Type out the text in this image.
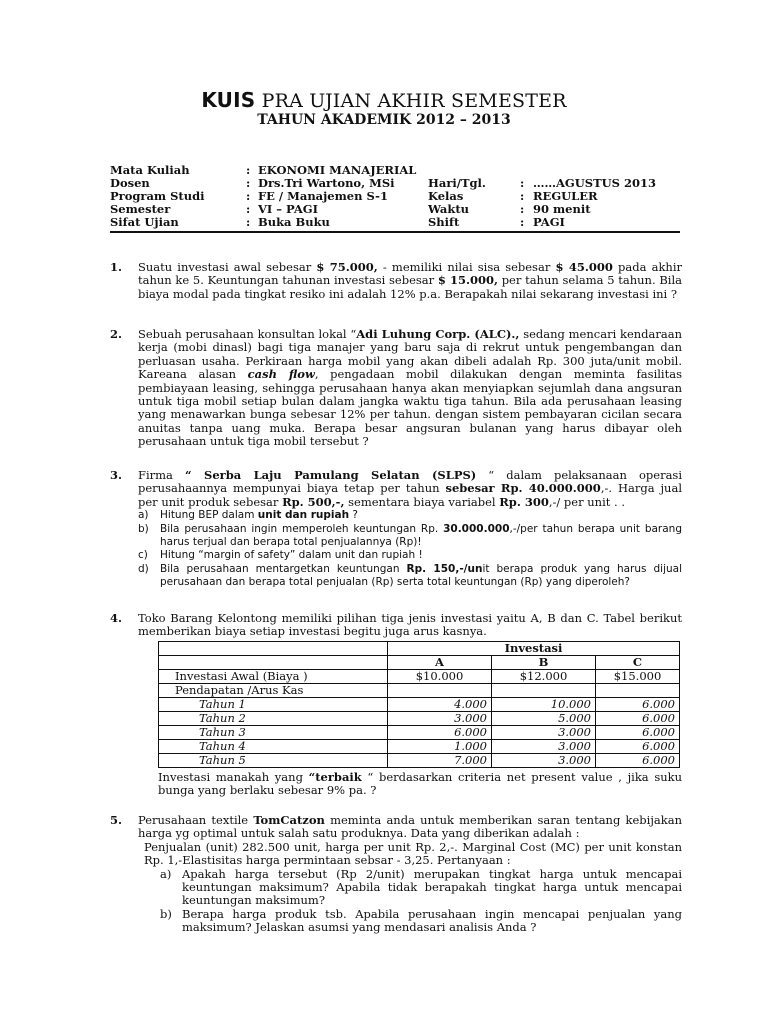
KUIS PRA UJIAN AKHIR SEMESTER
TAHUN AKADEMIK 2012 – 2013
Mata Kuliah	: EKONOMI MANAJERIAL
Dosen	: Drs.Tri Wartono, MSi	Hari/Tgl.	: ……AGUSTUS 2013
Program Studi	: FE / Manajemen S-1	Kelas	: REGULER
Semester	: VI – PAGI	Waktu	: 90 menit
Sifat Ujian	: Buka Buku	Shift	: PAGI
1. Suatu investasi awal sebesar $ 75.000, - memiliki nilai sisa sebesar $ 45.000 pada akhir tahun ke 5. Keuntungan tahunan investasi sebesar $ 15.000, per tahun selama 5 tahun. Bila biaya modal pada tingkat resiko ini adalah 12% p.a. Berapakah nilai sekarang investasi ini ?
2. Sebuah perusahaan konsultan lokal “Adi Luhung Corp. (ALC)., sedang mencari kendaraan kerja (mobi dinasl) bagi tiga manajer yang baru saja di rekrut untuk pengembangan dan perluasan usaha. Perkiraan harga mobil yang akan dibeli adalah Rp. 300 juta/unit mobil. Kareana alasan cash flow, pengadaan mobil dilakukan dengan meminta fasilitas pembiayaan leasing, sehingga perusahaan hanya akan menyiapkan sejumlah dana angsuran untuk tiga mobil setiap bulan dalam jangka waktu tiga tahun. Bila ada perusahaan leasing yang menawarkan bunga sebesar 12% per tahun. dengan sistem pembayaran cicilan secara anuitas tanpa uang muka. Berapa besar angsuran bulanan yang harus dibayar oleh perusahaan untuk tiga mobil tersebut ?
3. Firma “ Serba Laju Pamulang Selatan (SLPS) “ dalam pelaksanaan operasi perusahaannya mempunyai biaya tetap per tahun sebesar Rp. 40.000.000,-. Harga jual per unit produk sebesar Rp. 500,-, sementara biaya variabel Rp. 300,-/ per unit . .

a) Hitung BEP dalam unit dan rupiah ?
b) Bila perusahaan ingin memperoleh keuntungan Rp. 30.000.000,-/per tahun berapa unit barang harus terjual dan berapa total penjualannya (Rp)!
c) Hitung “margin of safety” dalam unit dan rupiah !
d) Bila perusahaan mentargetkan keuntungan Rp. 150,-/unit berapa produk yang harus dijual perusahaan dan berapa total penjualan (Rp) serta total keuntungan (Rp) yang diperoleh?
4. Toko Barang Kelontong memiliki pilihan tiga jenis investasi yaitu A, B dan C. Tabel berikut memberikan biaya setiap investasi begitu juga arus kasnya.
	Investasi		
	A	B	C
Investasi Awal (Biaya )	$10.000	$12.000	$15.000
Pendapatan /Arus Kas			
Tahun 1	4.000	10.000	6.000
Tahun 2	3.000	5.000	6.000
Tahun 3	6.000	3.000	6.000
Tahun 4	1.000	3.000	6.000
Tahun 5	7.000	3.000	6.000
Investasi manakah yang “terbaik “ berdasarkan criteria net present value , jika suku bunga yang berlaku sebesar 9% pa. ?
5. Perusahaan textile TomCatzon meminta anda untuk memberikan saran tentang kebijakan harga yg optimal untuk salah satu produknya. Data yang diberikan adalah :

Penjualan (unit) 282.500 unit, harga per unit Rp. 2,-. Marginal Cost (MC) per unit konstan Rp. 1,-Elastisitas harga permintaan sebsar - 3,25. Pertanyaan :

a) Apakah harga tersebut (Rp 2/unit) merupakan tingkat harga untuk mencapai keuntungan maksimum? Apabila tidak berapakah tingkat harga untuk mencapai keuntungan maksimum?
b) Berapa harga produk tsb. Apabila perusahaan ingin mencapai penjualan yang maksimum? Jelaskan asumsi yang mendasari analisis Anda ?
